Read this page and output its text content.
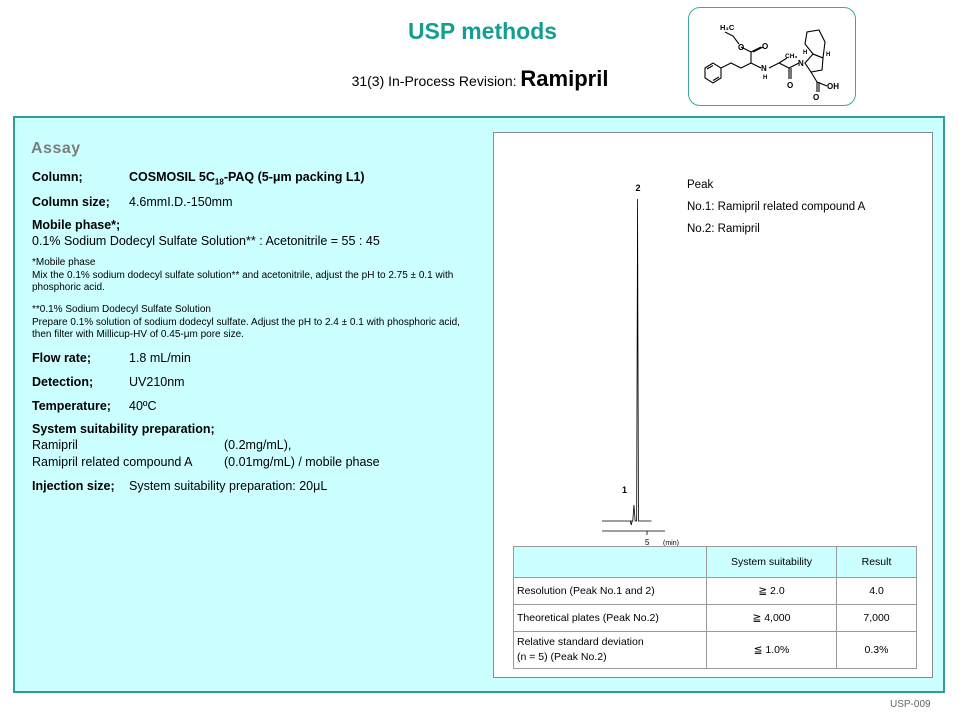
USP methods
31(3) In-Process Revision: Ramipril
H₃C
O O
N
H
O
N
H	H
O
OH
CH₃
Assay
Column;	COSMOSIL $5C_{18}$-PAQ (5-μm packing L1)
Column size; 4.6mmI.D.-150mm
Mobile phase*;
0.1% Sodium Dodecyl Sulfate Solution** : Acetonitrile = 55 : 45
*Mobile phase
Mix the 0.1% sodium dodecyl sulfate solution** and acetonitrile, adjust the pH to 2.75 ± 0.1 with phosphoric acid.
**0.1% Sodium Dodecyl Sulfate Solution
Prepare 0.1% solution of sodium dodecyl sulfate. Adjust the pH to 2.4 ± 0.1 with phosphoric acid, then filter with Millicup-HV of 0.45-μm pore size.
Flow rate;	1.8 mL/min
Detection;	UV210nm
Temperature; 40ºC
System suitability preparation;
Ramipril	(0.2mg/mL),
Ramipril related compound A	(0.01mg/mL) / mobile phase
Injection size; System suitability preparation: 20μL	1
2
5 (min)
Peak
No.1: Ramipril related compound A
No.2: Ramipril
	System suitability	Result
Resolution (Peak No.1 and 2)	≧ 2.0	4.0
Theoretical plates (Peak No.2)	≧ 4,000	7,000

Relative standard deviation
(n = 5) (Peak No.2)	≦ 1.0%	0.3%
USP-009
